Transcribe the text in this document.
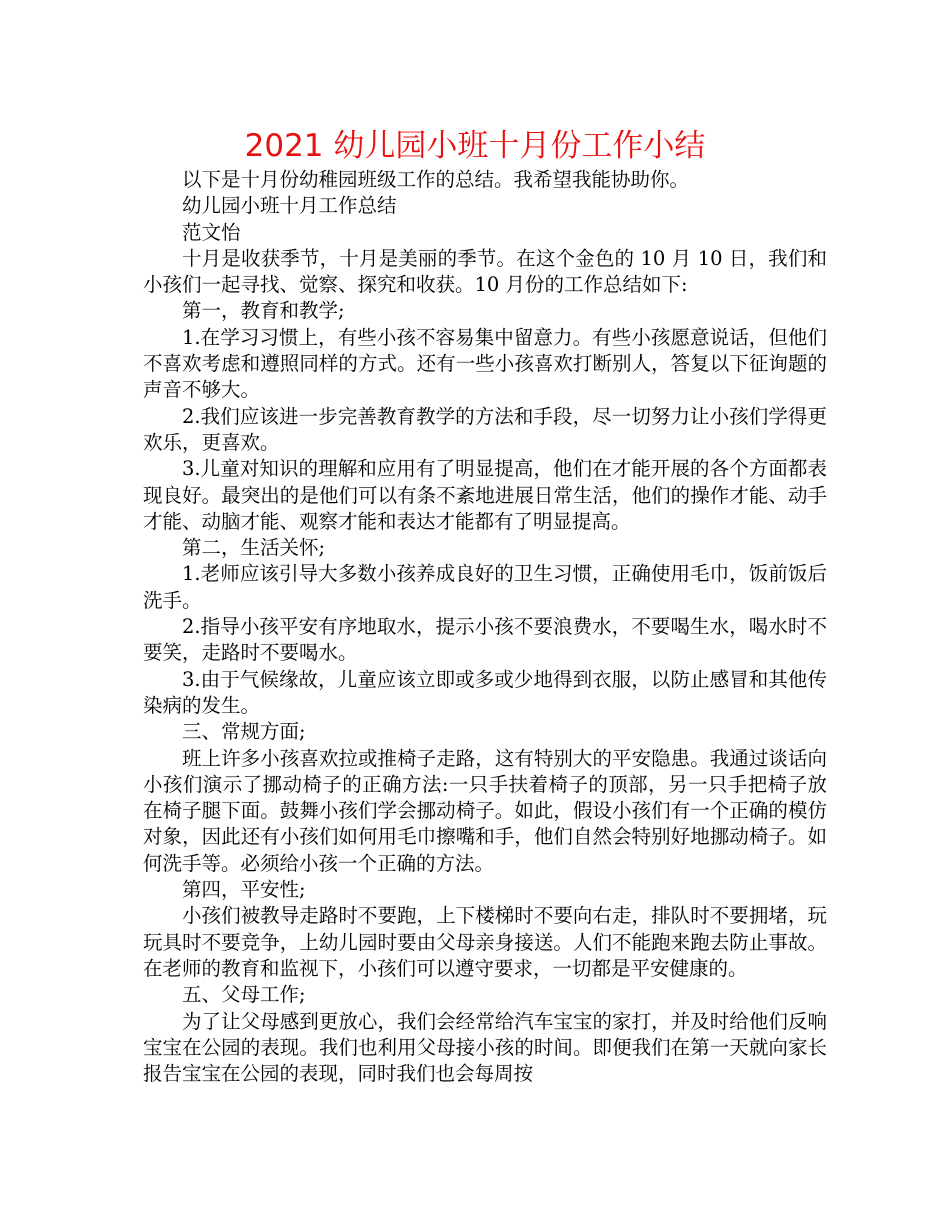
2021 幼儿园小班十月份工作小结

以下是十月份幼稚园班级工作的总结。我希望我能协助你。

幼儿园小班十月工作总结

范文怡

十月是收获季节，十月是美丽的季节。在这个金色的 10 月 10 日，我们和小孩们一起寻找、觉察、探究和收获。10 月份的工作总结如下:

第一，教育和教学;

1.在学习习惯上，有些小孩不容易集中留意力。有些小孩愿意说话，但他们不喜欢考虑和遵照同样的方式。还有一些小孩喜欢打断别人，答复以下征询题的声音不够大。

2.我们应该进一步完善教育教学的方法和手段，尽一切努力让小孩们学得更欢乐，更喜欢。

3.儿童对知识的理解和应用有了明显提高，他们在才能开展的各个方面都表现良好。最突出的是他们可以有条不紊地进展日常生活，他们的操作才能、动手才能、动脑才能、观察才能和表达才能都有了明显提高。

第二，生活关怀;

1.老师应该引导大多数小孩养成良好的卫生习惯，正确使用毛巾，饭前饭后洗手。

2.指导小孩平安有序地取水，提示小孩不要浪费水，不要喝生水，喝水时不要笑，走路时不要喝水。

3.由于气候缘故，儿童应该立即或多或少地得到衣服，以防止感冒和其他传染病的发生。

三、常规方面;

班上许多小孩喜欢拉或推椅子走路，这有特别大的平安隐患。我通过谈话向小孩们演示了挪动椅子的正确方法:一只手扶着椅子的顶部，另一只手把椅子放在椅子腿下面。鼓舞小孩们学会挪动椅子。如此，假设小孩们有一个正确的模仿对象，因此还有小孩们如何用毛巾擦嘴和手，他们自然会特别好地挪动椅子。如何洗手等。必须给小孩一个正确的方法。

第四，平安性;

小孩们被教导走路时不要跑，上下楼梯时不要向右走，排队时不要拥堵，玩玩具时不要竞争，上幼儿园时要由父母亲身接送。人们不能跑来跑去防止事故。在老师的教育和监视下，小孩们可以遵守要求，一切都是平安健康的。

五、父母工作;

为了让父母感到更放心，我们会经常给汽车宝宝的家打，并及时给他们反响宝宝在公园的表现。我们也利用父母接小孩的时间。即便我们在第一天就向家长报告宝宝在公园的表现，同时我们也会每周按
